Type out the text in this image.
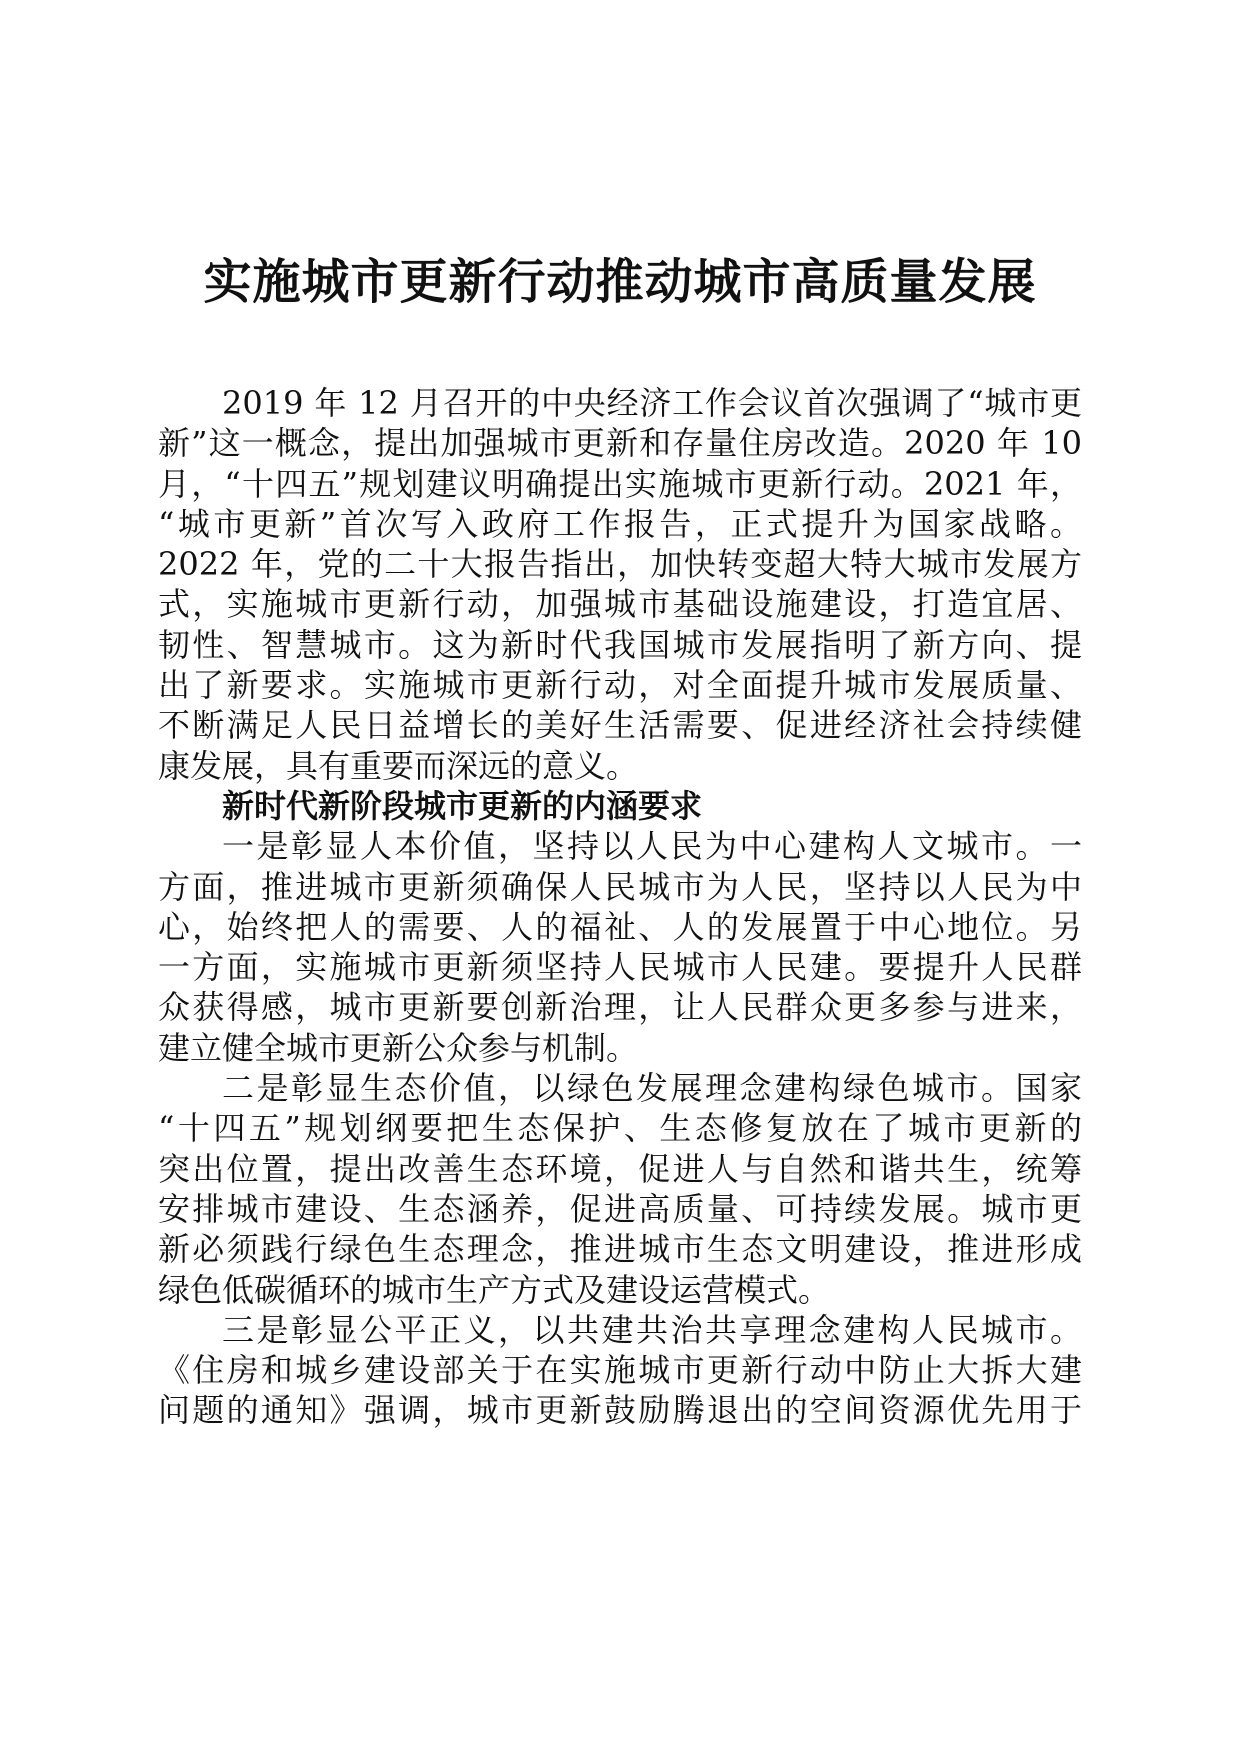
实施城市更新行动推动城市高质量发展
2019 年 12 月召开的中央经济工作会议首次强调了“城市更
新”这一概念，提出加强城市更新和存量住房改造。2020 年 10
月，“十四五”规划建议明确提出实施城市更新行动。2021 年，
“城市更新”首次写入政府工作报告，正式提升为国家战略。
2022 年，党的二十大报告指出，加快转变超大特大城市发展方
式，实施城市更新行动，加强城市基础设施建设，打造宜居、
韧性、智慧城市。这为新时代我国城市发展指明了新方向、提
出了新要求。实施城市更新行动，对全面提升城市发展质量、
不断满足人民日益增长的美好生活需要、促进经济社会持续健
康发展，具有重要而深远的意义。
新时代新阶段城市更新的内涵要求
一是彰显人本价值，坚持以人民为中心建构人文城市。一
方面，推进城市更新须确保人民城市为人民，坚持以人民为中
心，始终把人的需要、人的福祉、人的发展置于中心地位。另
一方面，实施城市更新须坚持人民城市人民建。要提升人民群
众获得感，城市更新要创新治理，让人民群众更多参与进来，
建立健全城市更新公众参与机制。
二是彰显生态价值，以绿色发展理念建构绿色城市。国家
“十四五”规划纲要把生态保护、生态修复放在了城市更新的
突出位置，提出改善生态环境，促进人与自然和谐共生，统筹
安排城市建设、生态涵养，促进高质量、可持续发展。城市更
新必须践行绿色生态理念，推进城市生态文明建设，推进形成
绿色低碳循环的城市生产方式及建设运营模式。
三是彰显公平正义，以共建共治共享理念建构人民城市。
《住房和城乡建设部关于在实施城市更新行动中防止大拆大建
问题的通知》强调，城市更新鼓励腾退出的空间资源优先用于
